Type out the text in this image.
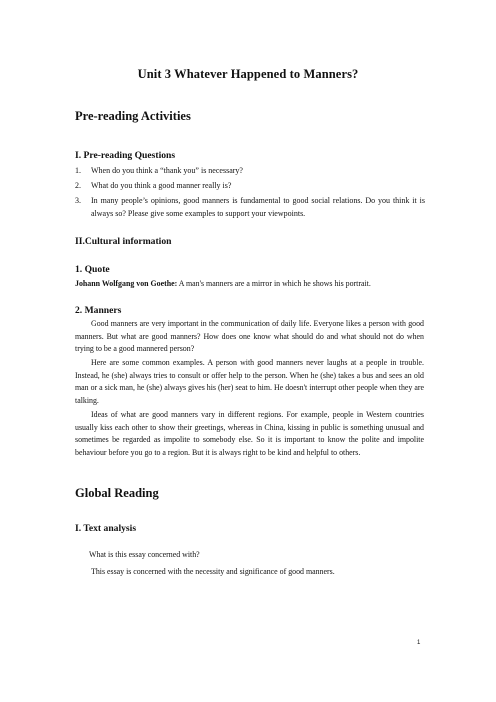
Unit 3 Whatever Happened to Manners?
Pre-reading Activities
I. Pre-reading Questions
1. When do you think a “thank you” is necessary?
2. What do you think a good manner really is?
3. In many people’s opinions, good manners is fundamental to good social relations. Do you think it is always so? Please give some examples to support your viewpoints.
II.Cultural information
1. Quote
Johann Wolfgang von Goethe: A man's manners are a mirror in which he shows his portrait.
2. Manners
Good manners are very important in the communication of daily life. Everyone likes a person with good manners. But what are good manners? How does one know what should do and what should not do when trying to be a good mannered person?
Here are some common examples. A person with good manners never laughs at a people in trouble. Instead, he (she) always tries to consult or offer help to the person. When he (she) takes a bus and sees an old man or a sick man, he (she) always gives his (her) seat to him. He doesn't interrupt other people when they are talking.
Ideas of what are good manners vary in different regions. For example, people in Western countries usually kiss each other to show their greetings, whereas in China, kissing in public is something unusual and sometimes be regarded as impolite to somebody else. So it is important to know the polite and impolite behaviour before you go to a region. But it is always right to be kind and helpful to others.
Global Reading
I. Text analysis
What is this essay concerned with?
This essay is concerned with the necessity and significance of good manners.
1
